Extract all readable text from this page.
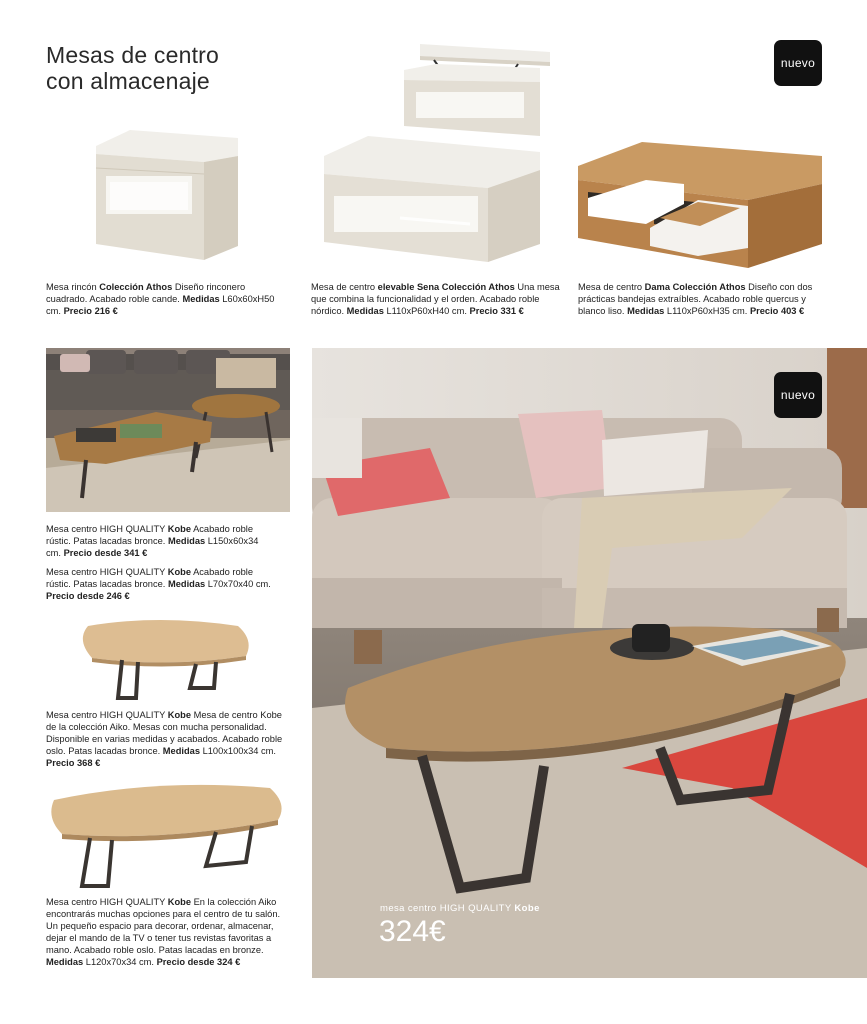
Mesas de centro
con almacenaje
nuevo
Mesa rincón Colección Athos Diseño rinconero cuadrado. Acabado roble cande. Medidas L60x60xH50 cm. Precio 216 €
Mesa de centro elevable Sena Colección Athos Una mesa que combina la funcionalidad y el orden. Acabado roble nórdico. Medidas L110xP60xH40 cm. Precio 331 €
Mesa de centro Dama Colección Athos Diseño con dos prácticas bandejas extraíbles. Acabado roble quercus y blanco liso. Medidas L110xP60xH35 cm. Precio 403 €
Mesa centro HIGH QUALITY Kobe Acabado roble rústic. Patas lacadas bronce. Medidas L150x60x34 cm. Precio desde 341 €
Mesa centro HIGH QUALITY Kobe Acabado roble rústic. Patas lacadas bronce. Medidas L70x70x40 cm. Precio desde 246 €
Mesa centro HIGH QUALITY Kobe Mesa de centro Kobe de la colección Aiko. Mesas con mucha personalidad. Disponible en varias medidas y acabados. Acabado roble oslo. Patas lacadas bronce. Medidas L100x100x34 cm. Precio 368 €
Mesa centro HIGH QUALITY Kobe En la colección Aiko encontrarás muchas opciones para el centro de tu salón. Un pequeño espacio para decorar, ordenar, almacenar, dejar el mando de la TV o tener tus revistas favoritas a mano. Acabado roble oslo. Patas lacadas en bronze. Medidas L120x70x34 cm. Precio desde 324 €
nuevo
mesa centro HIGH QUALITY Kobe
324€
